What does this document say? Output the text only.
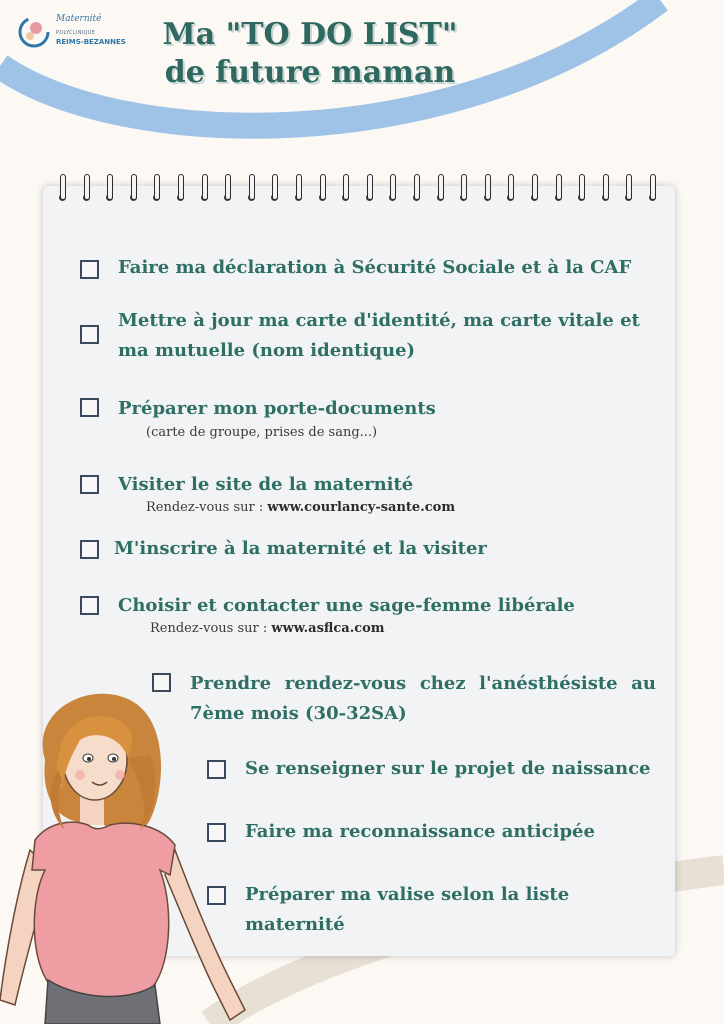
Maternité
POLYCLINIQUE
REIMS-BEZANNES Ma "TO DO LIST"
de future maman
Faire ma déclaration à Sécurité Sociale et à la CAF
Mettre à jour ma carte d'identité, ma carte vitale et ma mutuelle (nom identique)
Préparer mon porte-documents
(carte de groupe, prises de sang...)
Visiter le site de la maternité
Rendez-vous sur : www.courlancy-sante.com
M'inscrire à la maternité et la visiter
Choisir et contacter une sage-femme libérale
Rendez-vous sur : www.asflca.com
Prendre rendez-vous chez l'anésthésiste au 7ème mois (30-32SA)
Se renseigner sur le projet de naissance
Faire ma reconnaissance anticipée
Préparer ma valise selon la liste maternité
